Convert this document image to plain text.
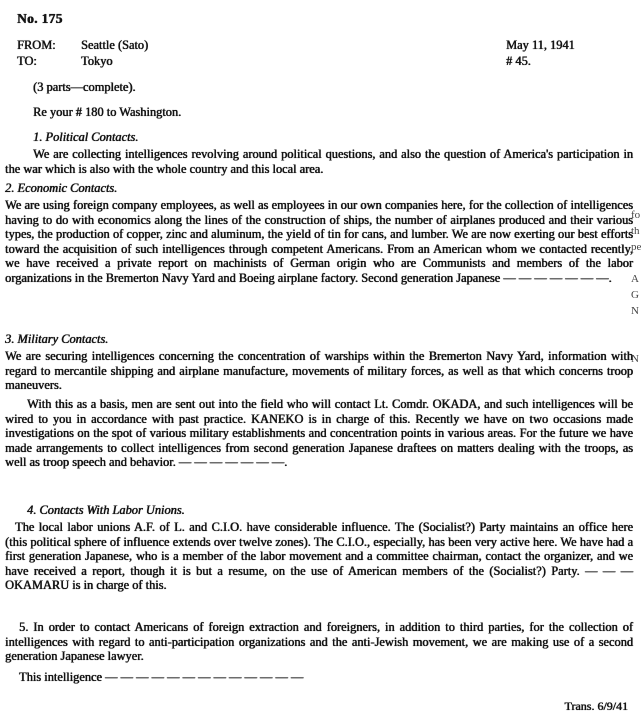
No. 175
FROM: Seattle (Sato)	May 11, 1941
TO:	Tokyo	# 45.
(3 parts—complete).
Re your # 180 to Washington.
1. Political Contacts.
We are collecting intelligences revolving around political questions, and also the question of America's participation in the war which is also with the whole country and this local area.
2. Economic Contacts.
We are using foreign company employees, as well as employees in our own companies here, for the collection of intelligences having to do with economics along the lines of the construction of ships, the number of airplanes produced and their various types, the production of copper, zinc and aluminum, the yield of tin for cans, and lumber. We are now exerting our best efforts toward the acquisition of such intelligences through competent Americans. From an American whom we contacted recently, we have received a private report on machinists of German origin who are Communists and members of the labor organizations in the Bremerton Navy Yard and Boeing airplane factory. Second generation Japanese — — — — — — —.
3. Military Contacts.
We are securing intelligences concerning the concentration of warships within the Bremerton Navy Yard, information with regard to mercantile shipping and airplane manufacture, movements of military forces, as well as that which concerns troop maneuvers.
With this as a basis, men are sent out into the field who will contact Lt. Comdr. OKADA, and such intelligences will be wired to you in accordance with past practice. KANEKO is in charge of this. Recently we have on two occasions made investigations on the spot of various military establishments and concentration points in various areas. For the future we have made arrangements to collect intelligences from second generation Japanese draftees on matters dealing with the troops, as well as troop speech and behavior. — — — — — — —.
4. Contacts With Labor Unions.
The local labor unions A.F. of L. and C.I.O. have considerable influence. The (Socialist?) Party maintains an office here (this political sphere of influence extends over twelve zones). The C.I.O., especially, has been very active here. We have had a first generation Japanese, who is a member of the labor movement and a committee chairman, contact the organizer, and we have received a report, though it is but a resume, on the use of American members of the (Socialist?) Party. — — — OKAMARU is in charge of this.
5. In order to contact Americans of foreign extraction and foreigners, in addition to third parties, for the collection of intelligences with regard to anti-participation organizations and the anti-Jewish movement, we are making use of a second generation Japanese lawyer.
This intelligence — — — — — — — — — — — — —
Trans. 6/9/41
fo
th
pe
A
G
N
N
